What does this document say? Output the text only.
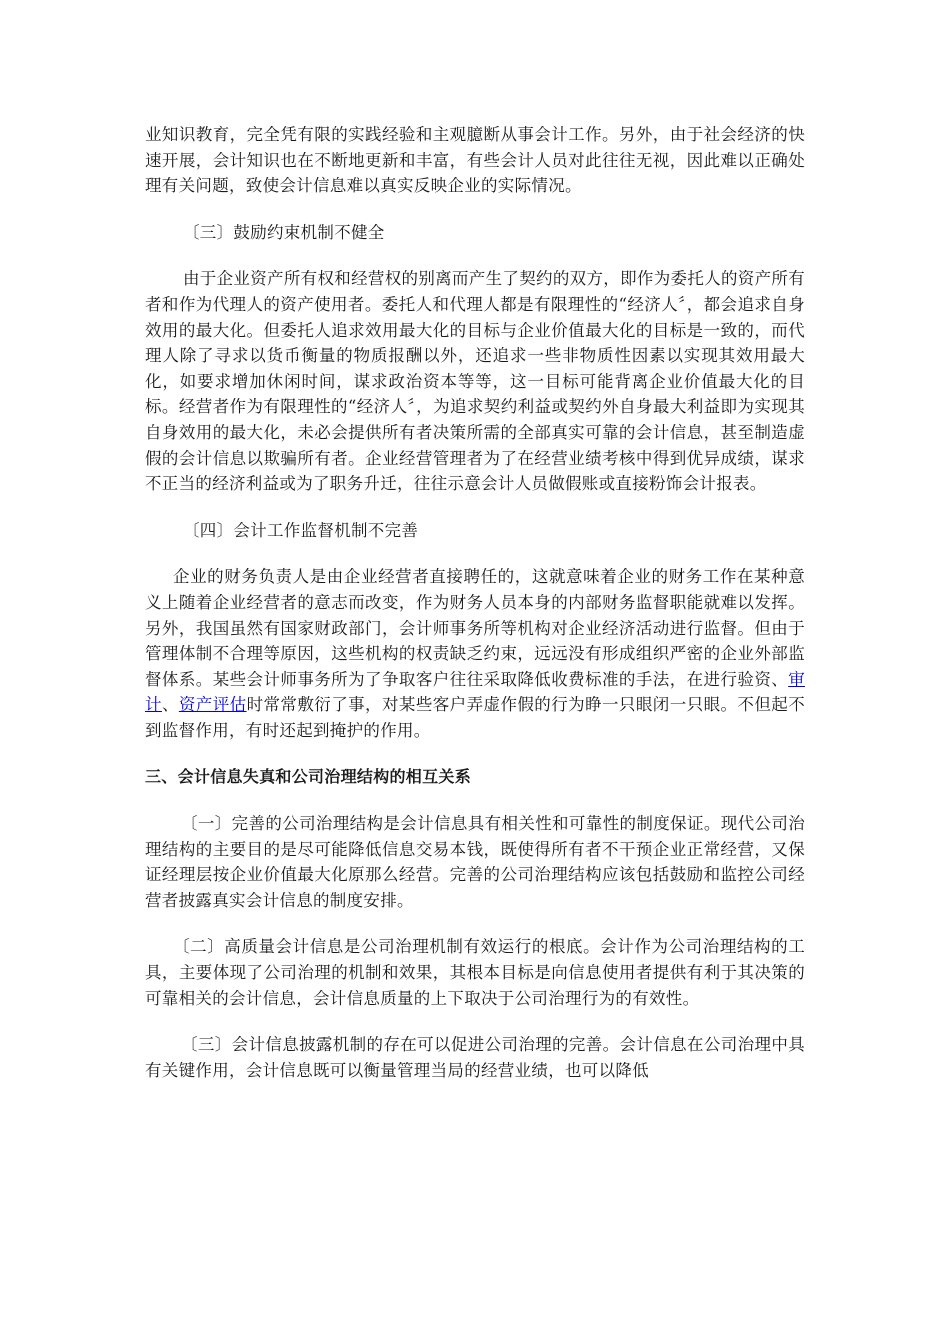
业知识教育，完全凭有限的实践经验和主观臆断从事会计工作。另外，由于社会经济的快速开展，会计知识也在不断地更新和丰富，有些会计人员对此往往无视，因此难以正确处理有关问题，致使会计信息难以真实反映企业的实际情况。

〔三〕鼓励约束机制不健全

由于企业资产所有权和经营权的别离而产生了契约的双方，即作为委托人的资产所有者和作为代理人的资产使用者。委托人和代理人都是有限理性的“经济人〞，都会追求自身效用的最大化。但委托人追求效用最大化的目标与企业价值最大化的目标是一致的，而代理人除了寻求以货币衡量的物质报酬以外，还追求一些非物质性因素以实现其效用最大化，如要求增加休闲时间，谋求政治资本等等，这一目标可能背离企业价值最大化的目标。经营者作为有限理性的“经济人〞，为追求契约利益或契约外自身最大利益即为实现其自身效用的最大化，未必会提供所有者决策所需的全部真实可靠的会计信息，甚至制造虚假的会计信息以欺骗所有者。企业经营管理者为了在经营业绩考核中得到优异成绩，谋求不正当的经济利益或为了职务升迁，往往示意会计人员做假账或直接粉饰会计报表。

〔四〕会计工作监督机制不完善

企业的财务负责人是由企业经营者直接聘任的，这就意味着企业的财务工作在某种意义上随着企业经营者的意志而改变，作为财务人员本身的内部财务监督职能就难以发挥。另外，我国虽然有国家财政部门，会计师事务所等机构对企业经济活动进行监督。但由于管理体制不合理等原因，这些机构的权责缺乏约束，远远没有形成组织严密的企业外部监督体系。某些会计师事务所为了争取客户往往采取降低收费标准的手法，在进行验资、审计、资产评估时常常敷衍了事，对某些客户弄虚作假的行为睁一只眼闭一只眼。不但起不到监督作用，有时还起到掩护的作用。

三、会计信息失真和公司治理结构的相互关系

〔一〕完善的公司治理结构是会计信息具有相关性和可靠性的制度保证。现代公司治理结构的主要目的是尽可能降低信息交易本钱，既使得所有者不干预企业正常经营，又保证经理层按企业价值最大化原那么经营。完善的公司治理结构应该包括鼓励和监控公司经营者披露真实会计信息的制度安排。

〔二〕高质量会计信息是公司治理机制有效运行的根底。会计作为公司治理结构的工具，主要体现了公司治理的机制和效果，其根本目标是向信息使用者提供有利于其决策的可靠相关的会计信息，会计信息质量的上下取决于公司治理行为的有效性。

〔三〕会计信息披露机制的存在可以促进公司治理的完善。会计信息在公司治理中具有关键作用，会计信息既可以衡量管理当局的经营业绩，也可以降低
